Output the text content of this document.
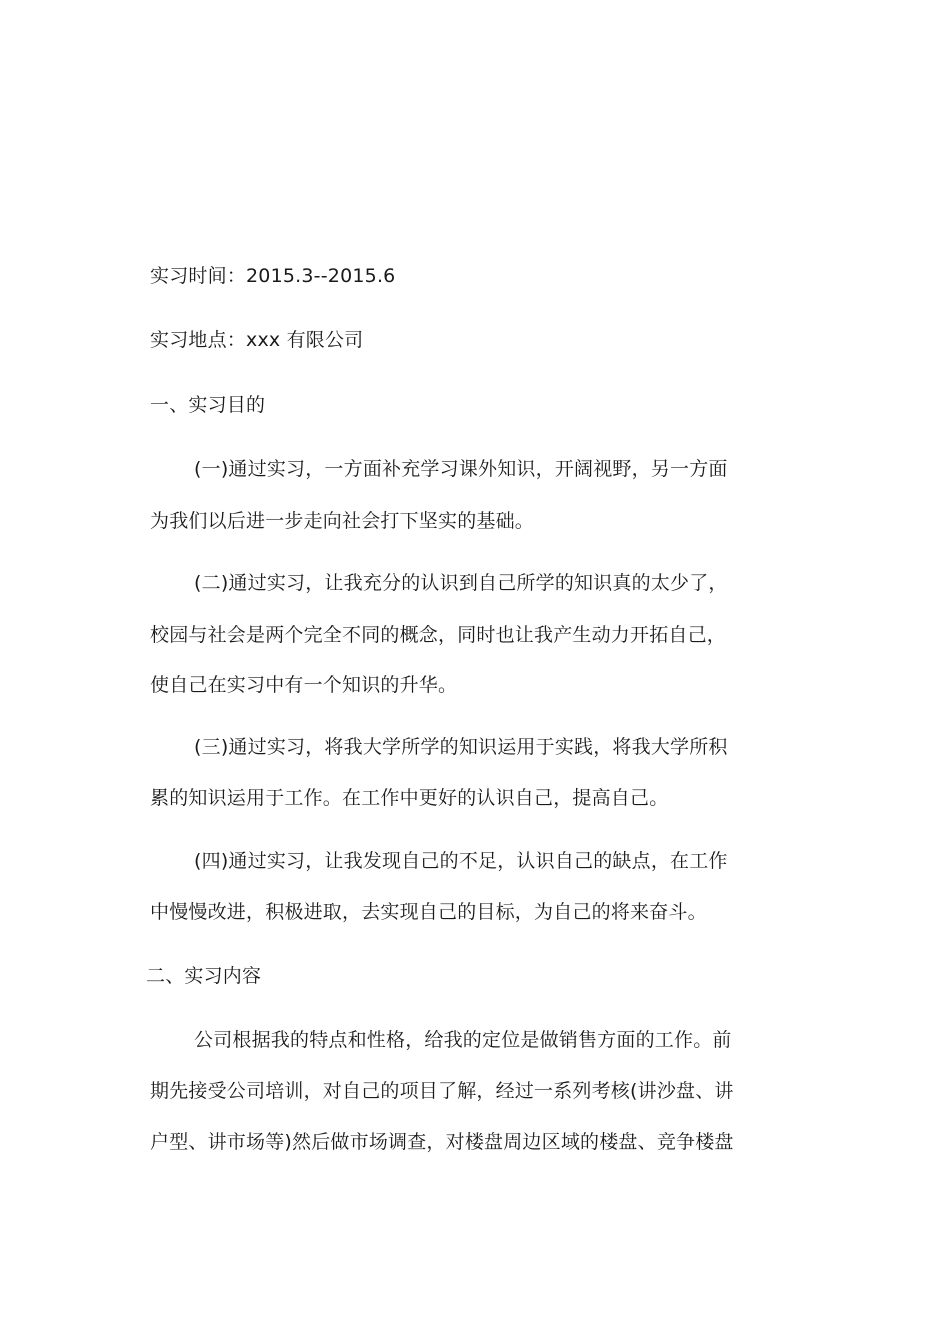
实习时间：2015.3--2015.6
实习地点：xxx 有限公司
一、实习目的
(一)通过实习，一方面补充学习课外知识，开阔视野，另一方面
为我们以后进一步走向社会打下坚实的基础。
(二)通过实习，让我充分的认识到自己所学的知识真的太少了，
校园与社会是两个完全不同的概念，同时也让我产生动力开拓自己，
使自己在实习中有一个知识的升华。
(三)通过实习，将我大学所学的知识运用于实践，将我大学所积
累的知识运用于工作。在工作中更好的认识自己，提高自己。
(四)通过实习，让我发现自己的不足，认识自己的缺点，在工作
中慢慢改进，积极进取，去实现自己的目标，为自己的将来奋斗。
二、实习内容
公司根据我的特点和性格，给我的定位是做销售方面的工作。前
期先接受公司培训，对自己的项目了解，经过一系列考核(讲沙盘、讲
户型、讲市场等)然后做市场调查，对楼盘周边区域的楼盘、竞争楼盘
